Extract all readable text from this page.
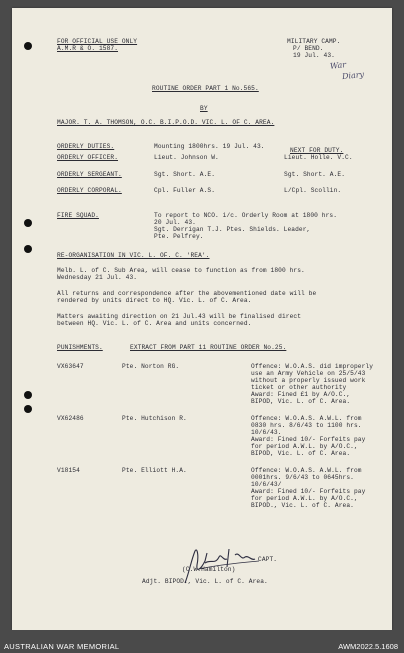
FOR OFFICIAL USE ONLY
A.M.R & O. 1587.
MILITARY CAMP.
P/ BEND.
19 Jul. 43.
War
Diary
ROUTINE ORDER PART 1 No.565.
BY
MAJOR. T. A. THOMSON, O.C. B.I.P.O.D. VIC. L. OF C. AREA.
ORDERLY DUTIES.	Mounting 1800hrs. 19 Jul. 43.
NEXT FOR DUTY.
ORDERLY OFFICER.	Lieut. Johnson W.	Lieut. Holle. V.C.
ORDERLY SERGEANT.	Sgt. Short. A.E.	Sgt. Short. A.E.
ORDERLY CORPORAL.	Cpl. Fuller A.S.	L/Cpl. Scollin.
FIRE SQUAD.	To report to NCO. i/c. Orderly Room at 1800 hrs.
20 Jul. 43.
Sgt. Derrigan T.J. Ptes. Shields. Leader,
Pte. Pelfrey.
RE-ORGANISATION IN VIC. L. OF. C. 'REA'.
Melb. L. of C. Sub Area, will cease to function as from 1800 hrs.
Wednesday 21 Jul. 43.
All returns and correspondence after the abovementioned date will be
rendered by units direct to HQ. Vic. L. of C. Area.
Matters awaiting direction on 21 Jul.43 will be finalised direct
between HQ. Vic. L. of C. Area and units concerned.
PUNISHMENTS.	EXTRACT FROM PART 11 ROUTINE ORDER No.25.
VX63647	Pte. Norton RG.	Offence: W.O.A.S. did improperly
use an Army Vehicle on 25/5/43
without a properly issued work
ticket or other authority
Award: Fined £1 by A/O.C.,
BIPOD, Vic. L. of C. Area.
VX62486	Pte. Hutchison R.	Offence: W.O.A.S. A.W.L. from
0830 hrs. 8/6/43 to 1100 hrs.
10/6/43.
Award: Fined 10/- Forfeits pay
for period A.W.L. by A/O.C.,
BIPOD, Vic. L. of C. Area.
V18154	Pte. Elliott H.A.	Offence: W.O.A.S. A.W.L. from
0001hrs. 9/6/43 to 0645hrs.
10/6/43/
Award: Fined 10/- Forfeits pay
for period A.W.L. by A/O.C.,
BIPOD., Vic. L. of C. Area.
CAPT.
(C.W.Hamilton)
Adjt. BIPOD., Vic. L. of C. Area.
AUSTRALIAN WAR MEMORIAL	AWM2022.5.1608
